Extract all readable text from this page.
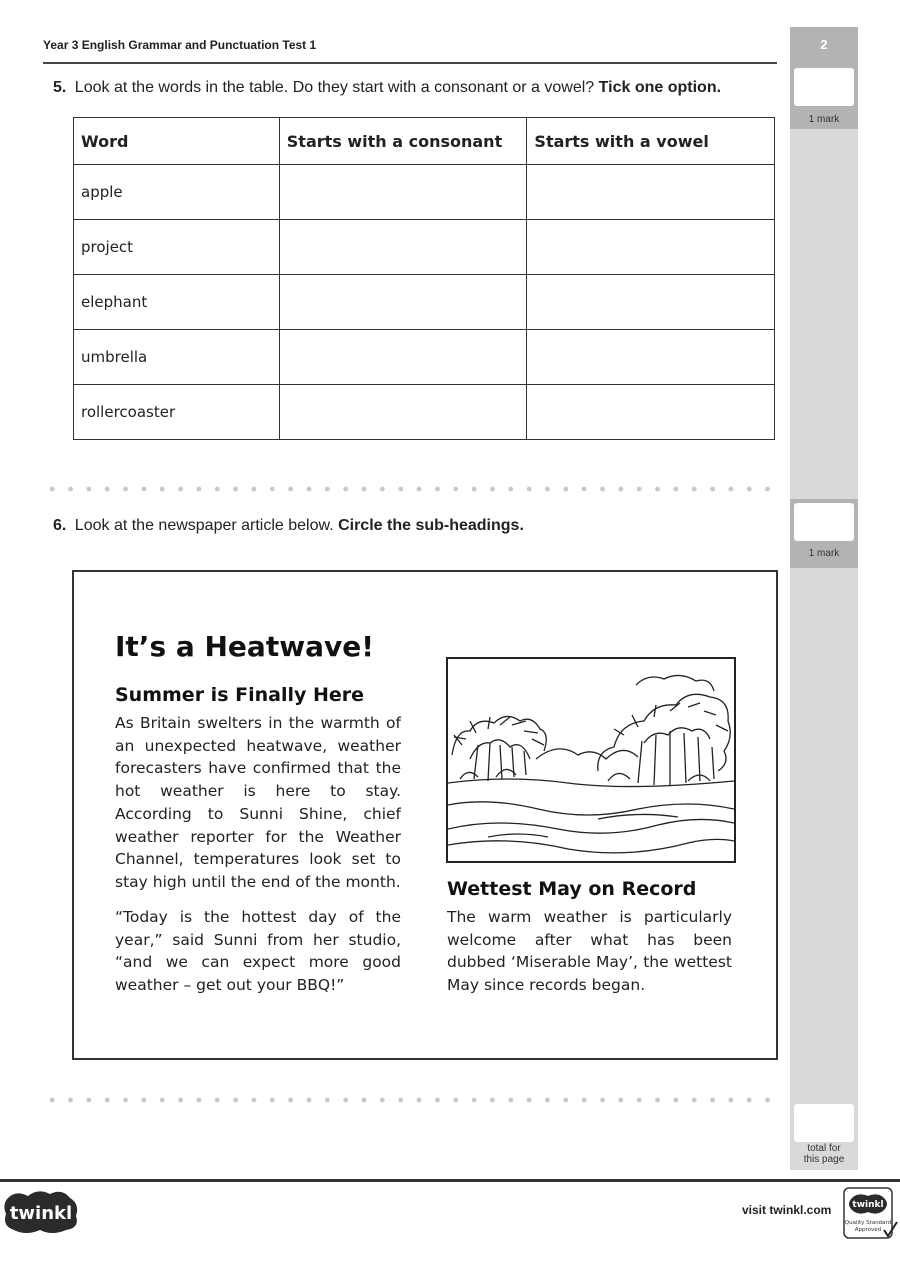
Year 3 English Grammar and Punctuation Test 1	2
1 mark
1 mark
total for
this page
5. Look at the words in the table. Do they start with a consonant or a vowel? Tick one option.
Word	Starts with a consonant	Starts with a vowel
apple		
project		
elephant		
umbrella		
rollercoaster		
6. Look at the newspaper article below. Circle the sub-headings.
It’s a Heatwave!
Summer is Finally Here
As Britain swelters in the warmth of an unexpected heatwave, weather forecasters have confirmed that the hot weather is here to stay. According to Sunni Shine, chief weather reporter for the Weather Channel, temperatures look set to stay high until the end of the month.
“Today is the hottest day of the year,” said Sunni from her studio, “and we can expect more good weather – get out your BBQ!”
Wettest May on Record
The warm weather is particularly welcome after what has been dubbed ‘Miserable May’, the wettest May since records began.
twinkl	visit twinkl.com twinkl
Quality Standard
Approved
